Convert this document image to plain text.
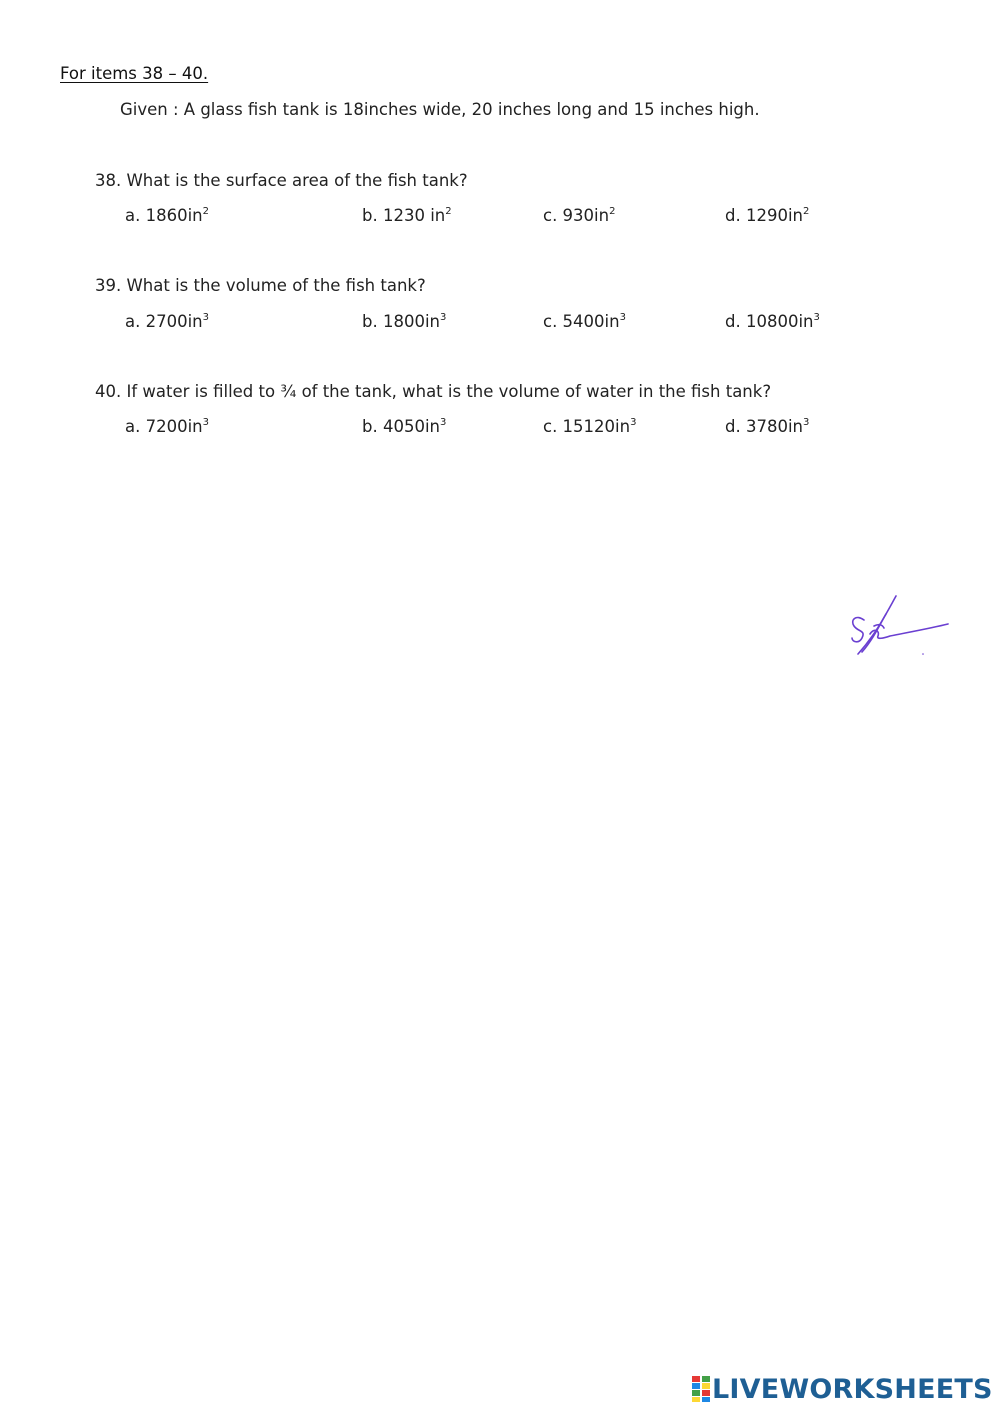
For items 38 – 40.
Given : A glass fish tank is 18inches wide, 20 inches long and 15 inches high.
38. What is the surface area of the fish tank?
a. $1860in^2$	b. 1230 $in^2$	c. $930in^2$	d. $1290in^2$
39. What is the volume of the fish tank?
a. $2700in^3$	b. $1800in^3$	c. $5400in^3$	d. $10800in^3$
40. If water is filled to ¾ of the tank, what is the volume of water in the fish tank?
a. $7200in^3$	b. $4050in^3$	c. $15120in^3$	d. $3780in^3$
LIVEWORKSHEETS
